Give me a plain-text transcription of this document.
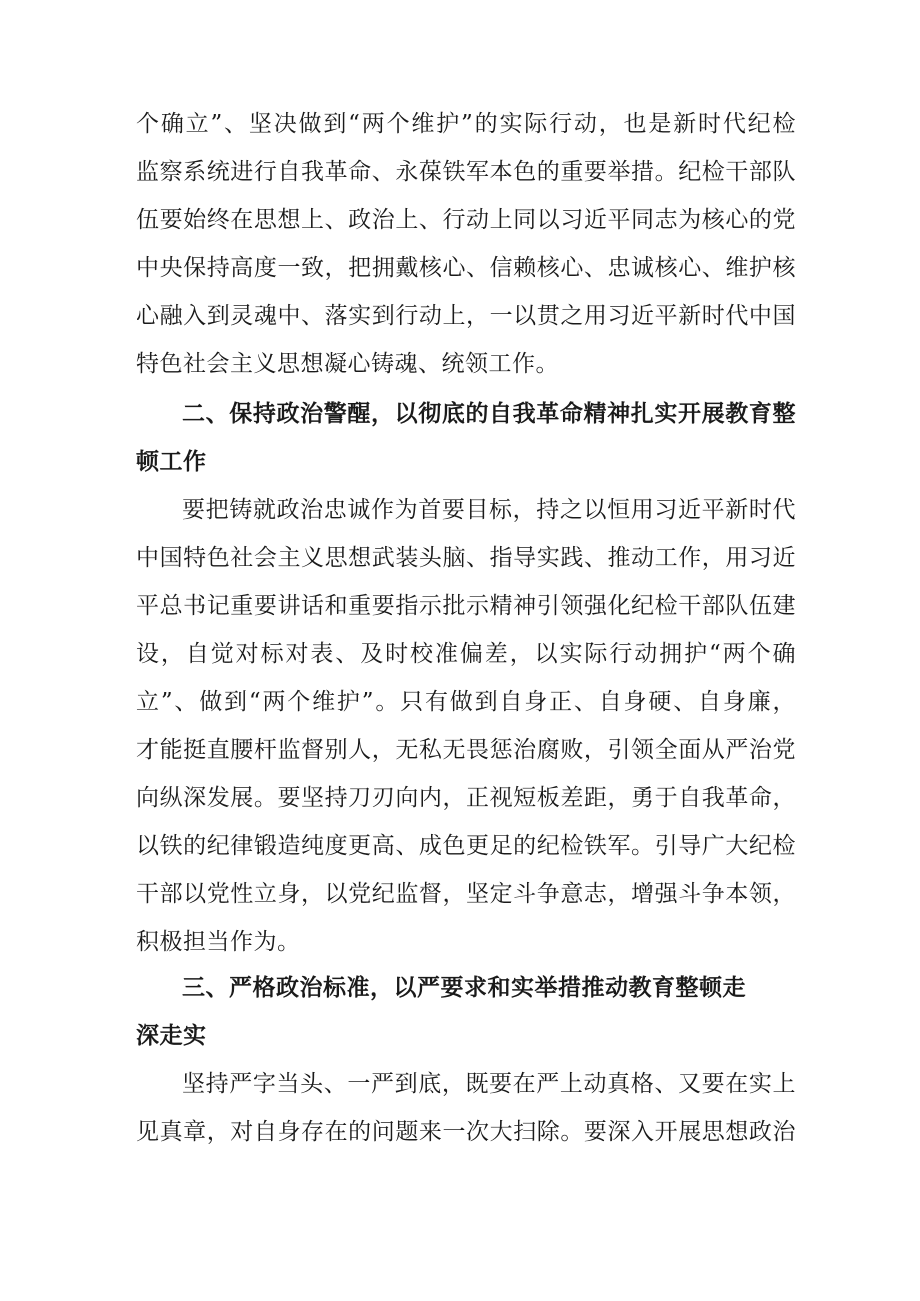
个确立”、坚决做到“两个维护”的实际行动，也是新时代纪检
监察系统进行自我革命、永葆铁军本色的重要举措。纪检干部队
伍要始终在思想上、政治上、行动上同以习近平同志为核心的党
中央保持高度一致，把拥戴核心、信赖核心、忠诚核心、维护核
心融入到灵魂中、落实到行动上，一以贯之用习近平新时代中国
特色社会主义思想凝心铸魂、统领工作。
二、保持政治警醒，以彻底的自我革命精神扎实开展教育整
顿工作
要把铸就政治忠诚作为首要目标，持之以恒用习近平新时代
中国特色社会主义思想武装头脑、指导实践、推动工作，用习近
平总书记重要讲话和重要指示批示精神引领强化纪检干部队伍建
设，自觉对标对表、及时校准偏差，以实际行动拥护“两个确
立”、做到“两个维护”。只有做到自身正、自身硬、自身廉，
才能挺直腰杆监督别人，无私无畏惩治腐败，引领全面从严治党
向纵深发展。要坚持刀刃向内，正视短板差距，勇于自我革命，
以铁的纪律锻造纯度更高、成色更足的纪检铁军。引导广大纪检
干部以党性立身，以党纪监督，坚定斗争意志，增强斗争本领，
积极担当作为。
三、严格政治标准，以严要求和实举措推动教育整顿走
深走实
坚持严字当头、一严到底，既要在严上动真格、又要在实上
见真章，对自身存在的问题来一次大扫除。要深入开展思想政治
